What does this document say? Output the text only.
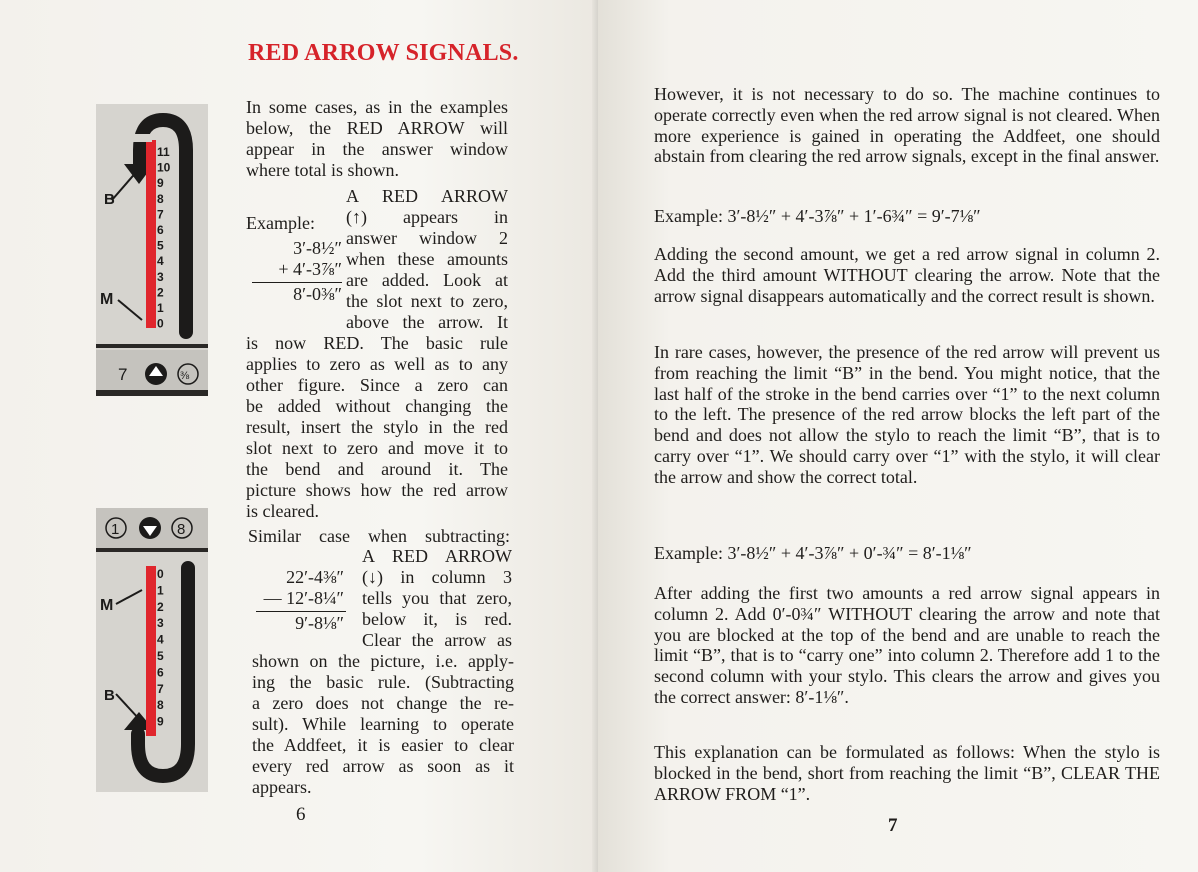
RED ARROW SIGNALS.
In some cases, as in the examples
below, the RED ARROW will
appear in the answer window
where total is shown.
Example:
3′-8½″
+ 4′-3⅞″
8′-0⅜″
A RED ARROW
(↑) appears in
answer window 2
when these amounts
are added. Look at
the slot next to zero,
above the arrow. It
is now RED. The basic rule
applies to zero as well as to any
other figure. Since a zero can
be added without changing the
result, insert the stylo in the red
slot next to zero and move it to
the bend and around it. The
picture shows how the red arrow
is cleared.
Similar case when subtracting:
22′-4⅜″
— 12′-8¼″
9′-8⅛″
A RED ARROW
(↓) in column 3
tells you that zero,
below it, is red.
Clear the arrow as
shown on the picture, i.e. apply-
ing the basic rule. (Subtracting
a zero does not change the re-
sult). While learning to operate
the Addfeet, it is easier to clear
every red arrow as soon as it
appears.
6
11
10
9
8
7
6
5
4
3
2
1
0
B
M
7	⅜
1	8
0
1
2
3
4
5
6
7
8
9
M
B
However, it is not necessary to do so. The machine continues to operate correctly even when the red arrow signal is not cleared. When more experience is gained in operating the Addfeet, one should abstain from clearing the red arrow signals, except in the final answer.
Example: 3′-8½″ + 4′-3⅞″ + 1′-6¾″ = 9′-7⅛″
Adding the second amount, we get a red arrow signal in column 2. Add the third amount WITHOUT clearing the arrow. Note that the arrow signal disappears automatically and the correct result is shown.
In rare cases, however, the presence of the red arrow will prevent us from reaching the limit “B” in the bend. You might notice, that the last half of the stroke in the bend carries over “1” to the next column to the left. The presence of the red arrow blocks the left part of the bend and does not allow the stylo to reach the limit “B”, that is to carry over “1”. We should carry over “1” with the stylo, it will clear the arrow and show the correct total.
Example: 3′-8½″ + 4′-3⅞″ + 0′-¾″ = 8′-1⅛″
After adding the first two amounts a red arrow signal appears in column 2. Add 0′-0¾″ WITHOUT clearing the arrow and note that you are blocked at the top of the bend and are unable to reach the limit “B”, that is to “carry one” into column 2. Therefore add 1 to the second column with your stylo. This clears the arrow and gives you the correct answer: 8′-1⅛″.
This explanation can be formulated as follows: When the stylo is blocked in the bend, short from reaching the limit “B”, CLEAR THE ARROW FROM “1”.
7
